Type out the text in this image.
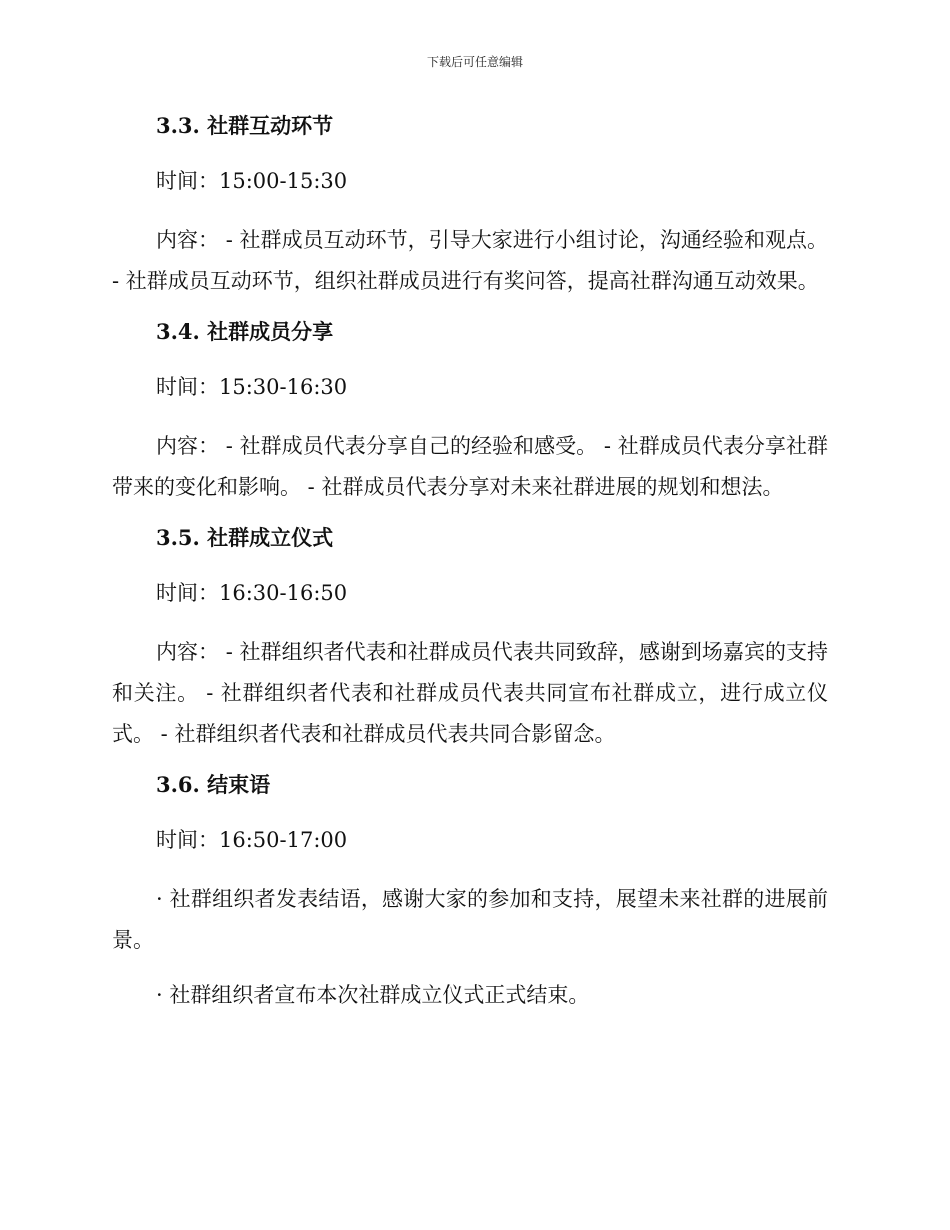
下载后可任意编辑
3.3. 社群互动环节
时间：15:00-15:30

内容： - 社群成员互动环节，引导大家进行小组讨论，沟通经验和观点。 - 社群成员互动环节，组织社群成员进行有奖问答，提高社群沟通互动效果。

3.4. 社群成员分享
时间：15:30-16:30

内容： - 社群成员代表分享自己的经验和感受。 - 社群成员代表分享社群带来的变化和影响。 - 社群成员代表分享对未来社群进展的规划和想法。

3.5. 社群成立仪式
时间：16:30-16:50

内容： - 社群组织者代表和社群成员代表共同致辞，感谢到场嘉宾的支持和关注。 - 社群组织者代表和社群成员代表共同宣布社群成立，进行成立仪式。 - 社群组织者代表和社群成员代表共同合影留念。

3.6. 结束语
时间：16:50-17:00

· 社群组织者发表结语，感谢大家的参加和支持，展望未来社群的进展前景。

· 社群组织者宣布本次社群成立仪式正式结束。
